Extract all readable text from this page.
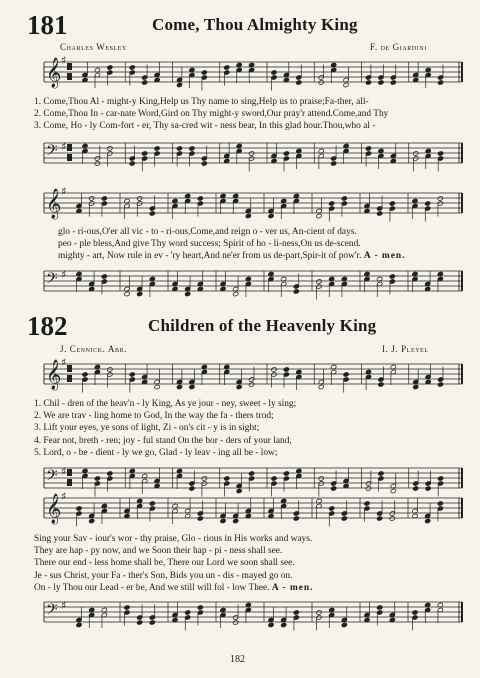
181	Come, Thou Almighty King
Charles Wesley	F. de Giardini
𝄞 ♯
1. Come,Thou Al - might-y King,Help us Thy name to sing,Help us to praise;Fa-ther, all-
2. Come,Thou In - car-nate Word,Gird on Thy might-y sword,Our pray'r attend.Come,and Thy
3. Come, Ho - ly Com-fort - er, Thy sa-cred wit - ness bear, In this glad hour.Thou,who al -
𝄢 ♯
𝄞 ♯
glo - ri-ous,O'er all vic - to - ri-ous,Come,and reign o - ver us, An-cient of days.
peo - ple bless,And give Thy word success; Spirit of ho - li-ness,On us de-scend.
mighty - art, Now rule in ev - 'ry heart,And ne'er from us de-part,Spir-it of pow'r. A - men.
𝄢 ♯
182	Children of the Heavenly King
J. Cennick. Abr.	I. J. Pleyel
𝄞 ♯
1. Chil - dren of the heav'n - ly King, As ye jour - ney, sweet - ly sing;
2. We are trav - ling home to God, In the way the fa - thers trod;
3. Lift your eyes, ye sons of light, Zi - on's cit - y is in sight;
4. Fear not, breth - ren; joy - ful stand On the bor - ders of your land,
5. Lord, o - be - dient - ly we go, Glad - ly leav - ing all be - low;
𝄢 ♯
𝄞 ♯
Sing your Sav - iour's wor - thy praise, Glo - rious in His works and ways.
They are hap - py now, and we Soon their hap - pi - ness shall see.
There our end - less home shall be, There our Lord we soon shall see.
Je - sus Christ, your Fa - ther's Son, Bids you un - dis - mayed go on.
On - ly Thou our Lead - er be, And we still will fol - low Thee. A - men.
𝄢 ♯
182
